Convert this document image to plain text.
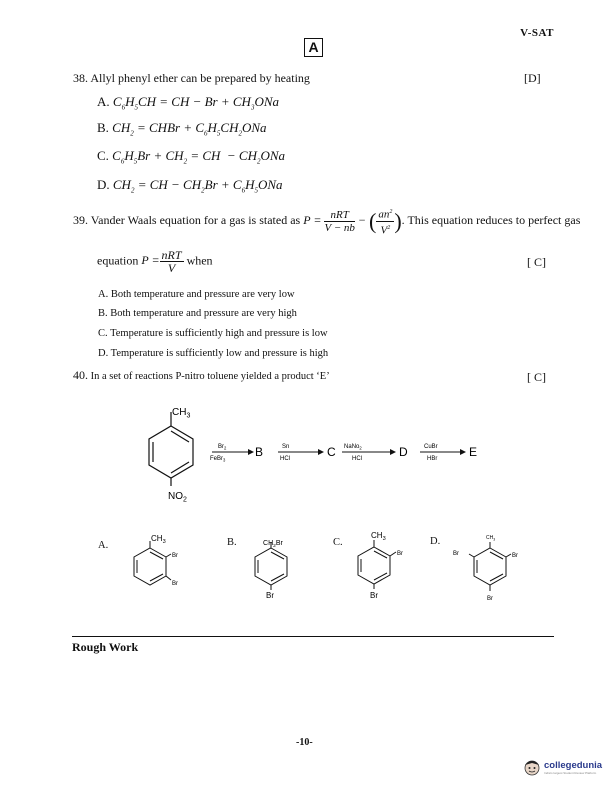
V-SAT
A
38. Allyl phenyl ether can be prepared by heating	[D]
A. $C_6H_5CH$ = CH − $Br + CH_3ONa$
B. $CH_2$ = CHBr + $C_6H_5CH_2ONa$
C. $C_6H_5Br + CH_2$ = CH  − $CH_2ONa$
D. $CH_2$ = CH − $CH_2Br + C_6H_5ONa$
39. Vander Waals equation for a gas is stated as $P = \frac{\text{nRT}}{V - nb}$ − ( $\frac{an^2}{V^2}$ ). This equation reduces to perfect gas
equation $P = \frac{\text{nRT}}{V}$ when	[ C]
A. Both temperature and pressure are very low
B. Both temperature and pressure are very high
C. Temperature is sufficiently high and pressure is low
D. Temperature is sufficiently low and pressure is high
40. In a set of reactions P-nitro toluene yielded a product ‘E’	[ C]
$CH_3$
$NO_2$
$Br_2$
FeBr$_3$
B	Sn
HCl	C NaNo$_2$
HCl	D	CuBr
HBr	E
A.	B.	C.	D.
$CH_3$
Br
Br
$CH_2Br$
Br
$CH_3$
Br
Br
$CH_3$
Br
Br
Br
Rough Work
-10-
collegedunia
India's largest Student Review Platform
